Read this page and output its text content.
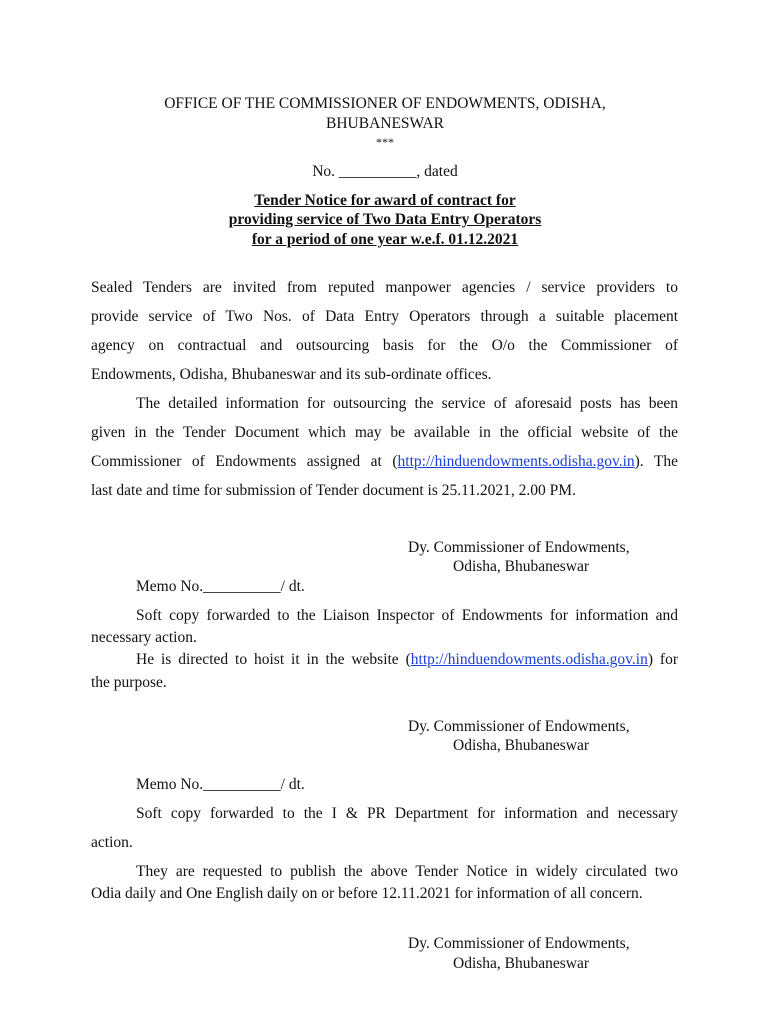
OFFICE OF THE COMMISSIONER OF ENDOWMENTS, ODISHA,

BHUBANESWAR

***

No. __________, dated

Tender Notice for award of contract for

providing service of Two Data Entry Operators

for a period of one year w.e.f. 01.12.2021

Sealed Tenders are invited from reputed manpower agencies / service providers to

provide service of Two Nos. of Data Entry Operators through a suitable placement

agency on contractual and outsourcing basis for the O/o the Commissioner of

Endowments, Odisha, Bhubaneswar and its sub-ordinate offices.

The detailed information for outsourcing the service of aforesaid posts has been

given in the Tender Document which may be available in the official website of the

Commissioner of Endowments assigned at (http://hinduendowments.odisha.gov.in). The

last date and time for submission of Tender document is 25.11.2021, 2.00 PM.

Dy. Commissioner of Endowments,

Odisha, Bhubaneswar

Memo No.__________/ dt.

Soft copy forwarded to the Liaison Inspector of Endowments for information and

necessary action.

He is directed to hoist it in the website (http://hinduendowments.odisha.gov.in) for

the purpose.

Dy. Commissioner of Endowments,

Odisha, Bhubaneswar

Memo No.__________/ dt.

Soft copy forwarded to the I & PR Department for information and necessary

action.

They are requested to publish the above Tender Notice in widely circulated two

Odia daily and One English daily on or before 12.11.2021 for information of all concern.

Dy. Commissioner of Endowments,

Odisha, Bhubaneswar
